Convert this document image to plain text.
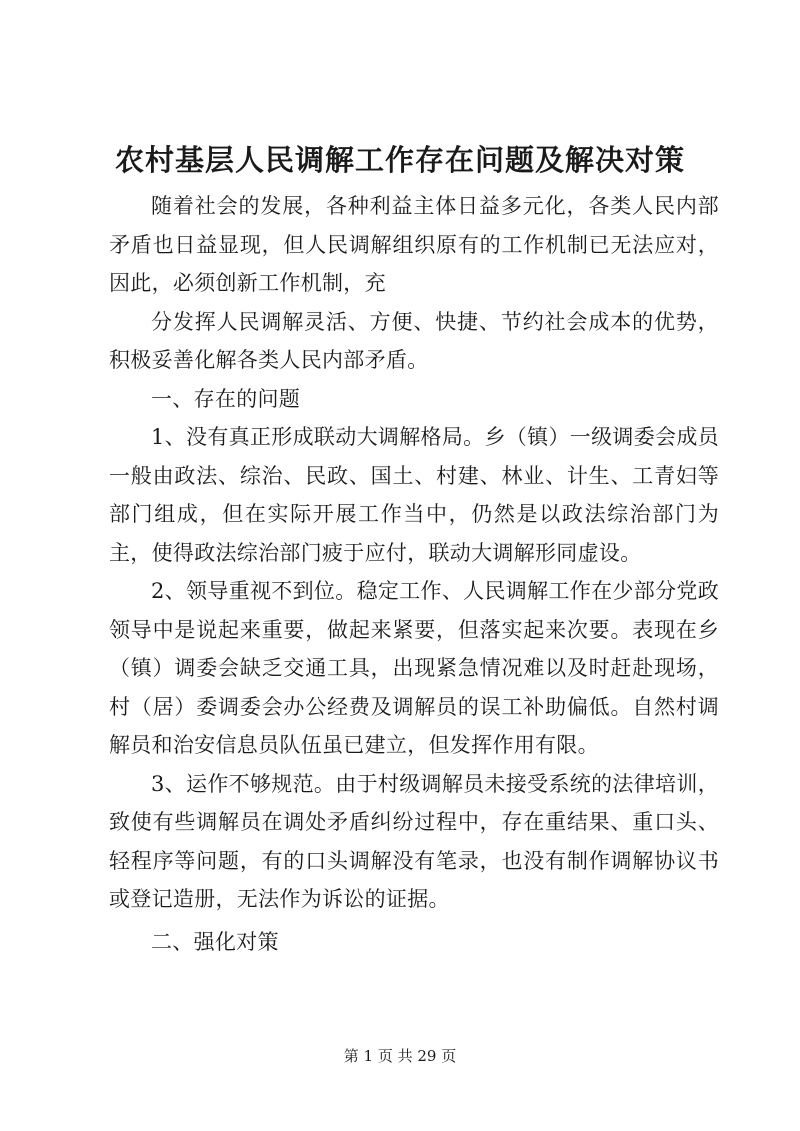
农村基层人民调解工作存在问题及解决对策

随着社会的发展，各种利益主体日益多元化，各类人民内部矛盾也日益显现，但人民调解组织原有的工作机制已无法应对，因此，必须创新工作机制，充

分发挥人民调解灵活、方便、快捷、节约社会成本的优势，积极妥善化解各类人民内部矛盾。

一、存在的问题

1、没有真正形成联动大调解格局。乡（镇）一级调委会成员一般由政法、综治、民政、国土、村建、林业、计生、工青妇等部门组成，但在实际开展工作当中，仍然是以政法综治部门为主，使得政法综治部门疲于应付，联动大调解形同虚设。

2、领导重视不到位。稳定工作、人民调解工作在少部分党政领导中是说起来重要，做起来紧要，但落实起来次要。表现在乡（镇）调委会缺乏交通工具，出现紧急情况难以及时赶赴现场，村（居）委调委会办公经费及调解员的误工补助偏低。自然村调解员和治安信息员队伍虽已建立，但发挥作用有限。

3、运作不够规范。由于村级调解员未接受系统的法律培训，致使有些调解员在调处矛盾纠纷过程中，存在重结果、重口头、轻程序等问题，有的口头调解没有笔录，也没有制作调解协议书或登记造册，无法作为诉讼的证据。

二、强化对策

第 1 页 共 29 页
